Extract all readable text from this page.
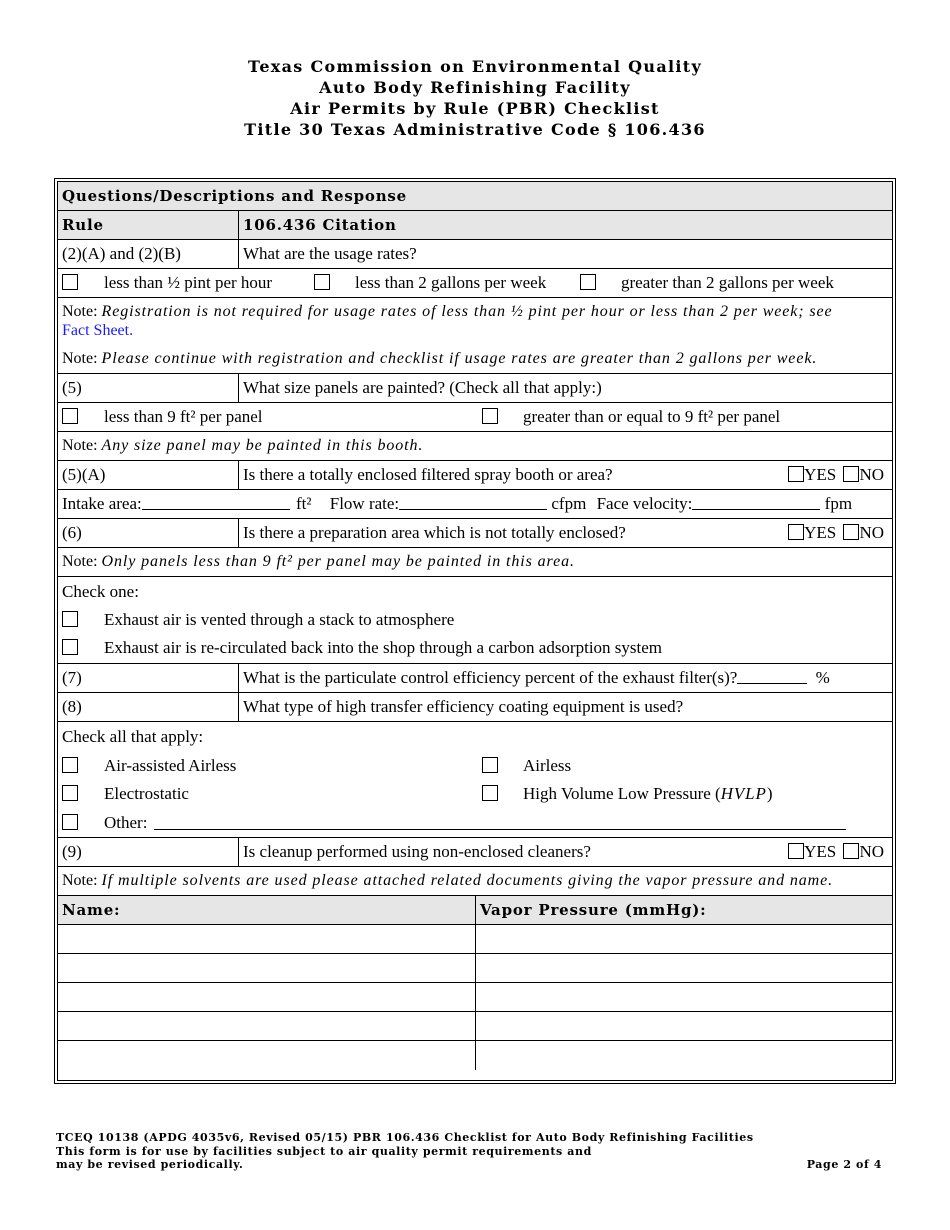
Texas Commission on Environmental Quality
Auto Body Refinishing Facility
Air Permits by Rule (PBR) Checklist
Title 30 Texas Administrative Code § 106.436
Questions/Descriptions and Response
Rule	106.436 Citation
(2)(A) and (2)(B)	What are the usage rates?
less than ½ pint per hour	less than 2 gallons per week	greater than 2 gallons per week
Note: Registration is not required for usage rates of less than ½ pint per hour or less than 2 per week; see
Fact Sheet.
Note: Please continue with registration and checklist if usage rates are greater than 2 gallons per week.
(5)	What size panels are painted? (Check all that apply:)
less than 9 ft² per panel	greater than or equal to 9 ft² per panel
Note: Any size panel may be painted in this booth.
(5)(A)	Is there a totally enclosed filtered spray booth or area?	YES NO
Intake area:	ft² Flow rate:	cfpm Face velocity:	fpm
(6)	Is there a preparation area which is not totally enclosed?	YES NO
Note: Only panels less than 9 ft² per panel may be painted in this area.
Check one:
Exhaust air is vented through a stack to atmosphere
Exhaust air is re-circulated back into the shop through a carbon adsorption system
(7)	What is the particulate control efficiency percent of the exhaust filter(s)?	%
(8)	What type of high transfer efficiency coating equipment is used?
Check all that apply:
Air-assisted Airless	Airless
Electrostatic	High Volume Low Pressure (HVLP)
Other:
(9)	Is cleanup performed using non-enclosed cleaners?	YES NO
Note: If multiple solvents are used please attached related documents giving the vapor pressure and name.
Name:	Vapor Pressure (mmHg):
TCEQ 10138 (APDG 4035v6, Revised 05/15) PBR 106.436 Checklist for Auto Body Refinishing Facilities
This form is for use by facilities subject to air quality permit requirements and
may be revised periodically.	Page 2 of 4
